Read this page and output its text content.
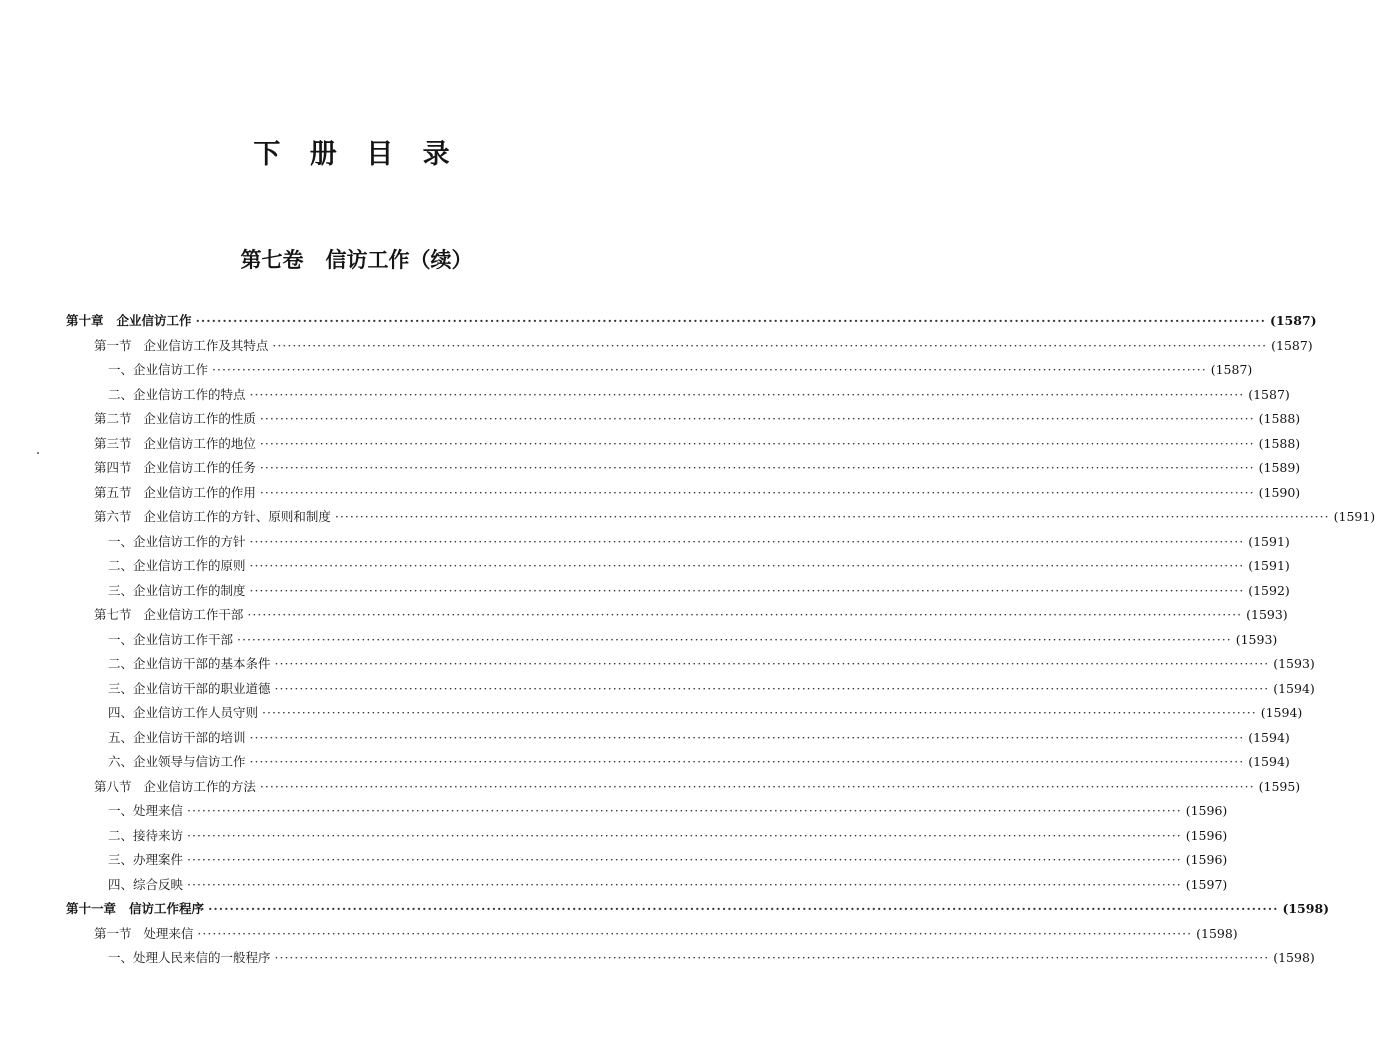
下 册 目 录
第七卷   信访工作（续）
第十章   企业信访工作 ········································································································································································································ (1587)
第一节   企业信访工作及其特点 ········································································································································································································ (1587)
一、企业信访工作 ········································································································································································································ (1587)
二、企业信访工作的特点 ········································································································································································································ (1587)
第二节   企业信访工作的性质 ········································································································································································································ (1588)
第三节   企业信访工作的地位 ········································································································································································································ (1588)
第四节   企业信访工作的任务 ········································································································································································································ (1589)
第五节   企业信访工作的作用 ········································································································································································································ (1590)
第六节   企业信访工作的方针、原则和制度 ········································································································································································································ (1591)
一、企业信访工作的方针 ········································································································································································································ (1591)
二、企业信访工作的原则 ········································································································································································································ (1591)
三、企业信访工作的制度 ········································································································································································································ (1592)
第七节   企业信访工作干部 ········································································································································································································ (1593)
一、企业信访工作干部 ········································································································································································································ (1593)
二、企业信访干部的基本条件 ········································································································································································································ (1593)
三、企业信访干部的职业道德 ········································································································································································································ (1594)
四、企业信访工作人员守则 ········································································································································································································ (1594)
五、企业信访干部的培训 ········································································································································································································ (1594)
六、企业领导与信访工作 ········································································································································································································ (1594)
第八节   企业信访工作的方法 ········································································································································································································ (1595)
一、处理来信 ········································································································································································································ (1596)
二、接待来访 ········································································································································································································ (1596)
三、办理案件 ········································································································································································································ (1596)
四、综合反映 ········································································································································································································ (1597)
第十一章   信访工作程序 ········································································································································································································ (1598)
第一节   处理来信 ········································································································································································································ (1598)
一、处理人民来信的一般程序 ········································································································································································································ (1598)
